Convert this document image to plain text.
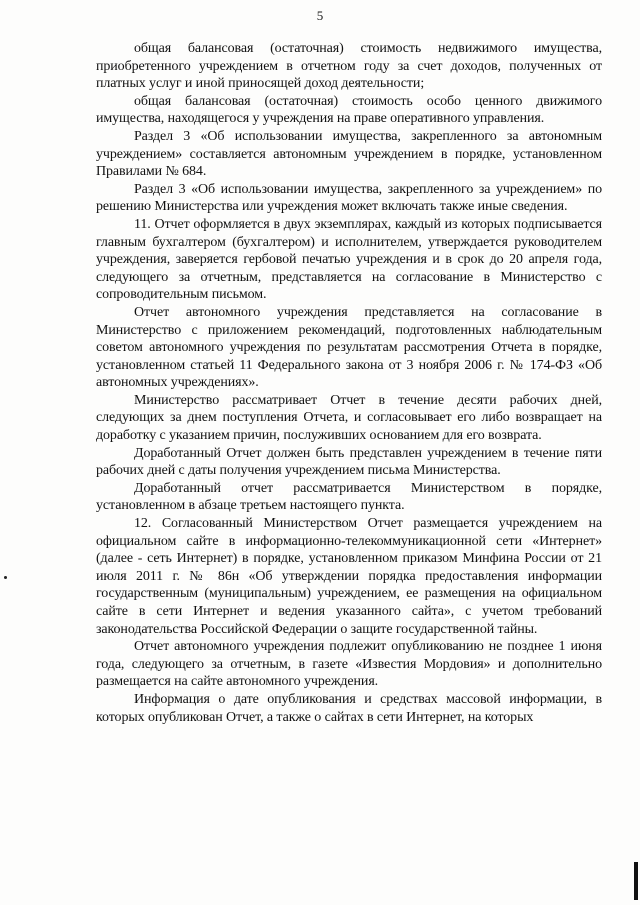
5

общая балансовая (остаточная) стоимость недвижимого имущества, приобретенного учреждением в отчетном году за счет доходов, полученных от платных услуг и иной приносящей доход деятельности;

общая балансовая (остаточная) стоимость особо ценного движимого имущества, находящегося у учреждения на праве оперативного управления.

Раздел 3 «Об использовании имущества, закрепленного за автономным учреждением» составляется автономным учреждением в порядке, установленном Правилами № 684.

Раздел 3 «Об использовании имущества, закрепленного за учреждением» по решению Министерства или учреждения может включать также иные сведения.

11. Отчет оформляется в двух экземплярах, каждый из которых подписывается главным бухгалтером (бухгалтером) и исполнителем, утверждается руководителем учреждения, заверяется гербовой печатью учреждения и в срок до 20 апреля года, следующего за отчетным, представляется на согласование в Министерство с сопроводительным письмом.

Отчет автономного учреждения представляется на согласование в Министерство с приложением рекомендаций, подготовленных наблюдательным советом автономного учреждения по результатам рассмотрения Отчета в порядке, установленном статьей 11 Федерального закона от 3 ноября 2006 г. № 174-ФЗ «Об автономных учреждениях».

Министерство рассматривает Отчет в течение десяти рабочих дней, следующих за днем поступления Отчета, и согласовывает его либо возвращает на доработку с указанием причин, послуживших основанием для его возврата.

Доработанный Отчет должен быть представлен учреждением в течение пяти рабочих дней с даты получения учреждением письма Министерства.

Доработанный отчет рассматривается Министерством в порядке, установленном в абзаце третьем настоящего пункта.

12. Согласованный Министерством Отчет размещается учреждением на официальном сайте в информационно-телекоммуникационной сети «Интернет» (далее - сеть Интернет) в порядке, установленном приказом Минфина России от 21 июля 2011 г. № 86н «Об утверждении порядка предоставления информации государственным (муниципальным) учреждением, ее размещения на официальном сайте в сети Интернет и ведения указанного сайта», с учетом требований законодательства Российской Федерации о защите государственной тайны.

Отчет автономного учреждения подлежит опубликованию не позднее 1 июня года, следующего за отчетным, в газете «Известия Мордовия» и дополнительно размещается на сайте автономного учреждения.

Информация о дате опубликования и средствах массовой информации, в которых опубликован Отчет, а также о сайтах в сети Интернет, на которых
